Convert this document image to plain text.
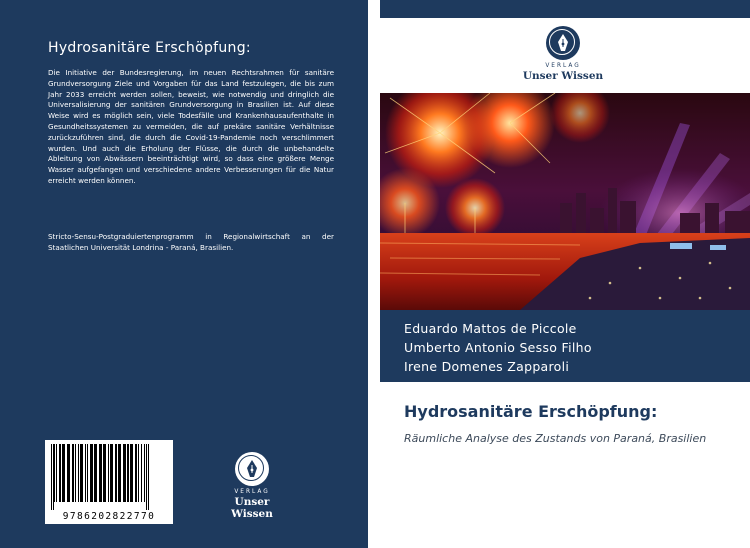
Hydrosanitäre Erschöpfung:
Die Initiative der Bundesregierung, im neuen Rechtsrahmen für sanitäre Grundversorgung Ziele und Vorgaben für das Land festzulegen, die bis zum Jahr 2033 erreicht werden sollen, beweist, wie notwendig und dringlich die Universalisierung der sanitären Grundversorgung in Brasilien ist. Auf diese Weise wird es möglich sein, viele Todesfälle und Krankenhausaufenthalte in Gesundheitssystemen zu vermeiden, die auf prekäre sanitäre Verhältnisse zurückzuführen sind, die durch die Covid-19-Pandemie noch verschlimmert wurden. Und auch die Erholung der Flüsse, die durch die unbehandelte Ableitung von Abwässern beeinträchtigt wird, so dass eine größere Menge Wasser aufgefangen und verschiedene andere Verbesserungen für die Natur erreicht werden können.
Stricto-Sensu-Postgraduiertenprogramm in Regionalwirtschaft an der Staatlichen Universität Londrina - Paraná, Brasilien.
9786202822770
VERLAG
Unser Wissen
VERLAG
Unser Wissen
Eduardo Mattos de Piccole
Umberto Antonio Sesso Filho
Irene Domenes Zapparoli
Hydrosanitäre Erschöpfung:
Räumliche Analyse des Zustands von Paraná, Brasilien
